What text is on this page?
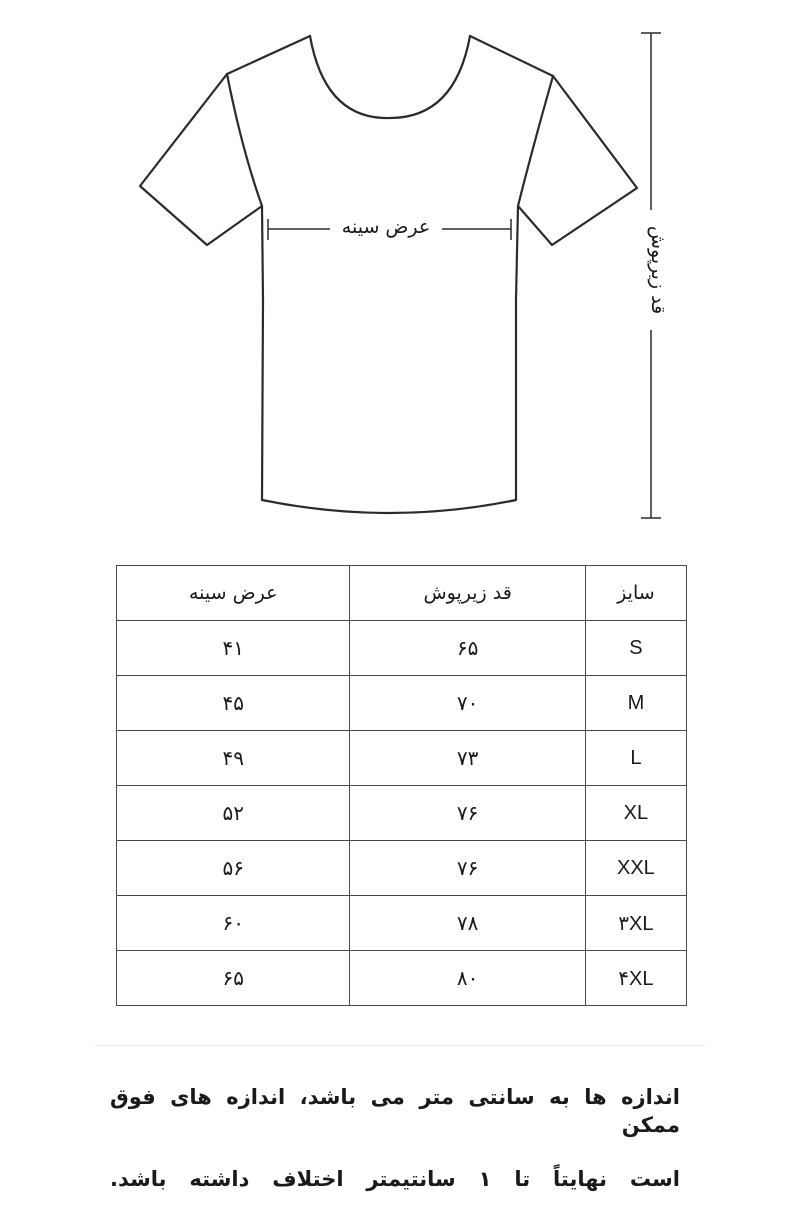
عرض سینه	قد زیرپوش
سایز	قد زیرپوش	عرض سینه
S	۶۵	۴۱
M	۷۰	۴۵
L	۷۳	۴۹
XL	۷۶	۵۲
XXL	۷۶	۵۶
۳XL	۷۸	۶۰
۴XL	۸۰	۶۵

اندازه ها به سانتی متر می باشد، اندازه های فوق ممکن

است نهایتاً تا ۱ سانتیمتر اختلاف داشته باشد.
